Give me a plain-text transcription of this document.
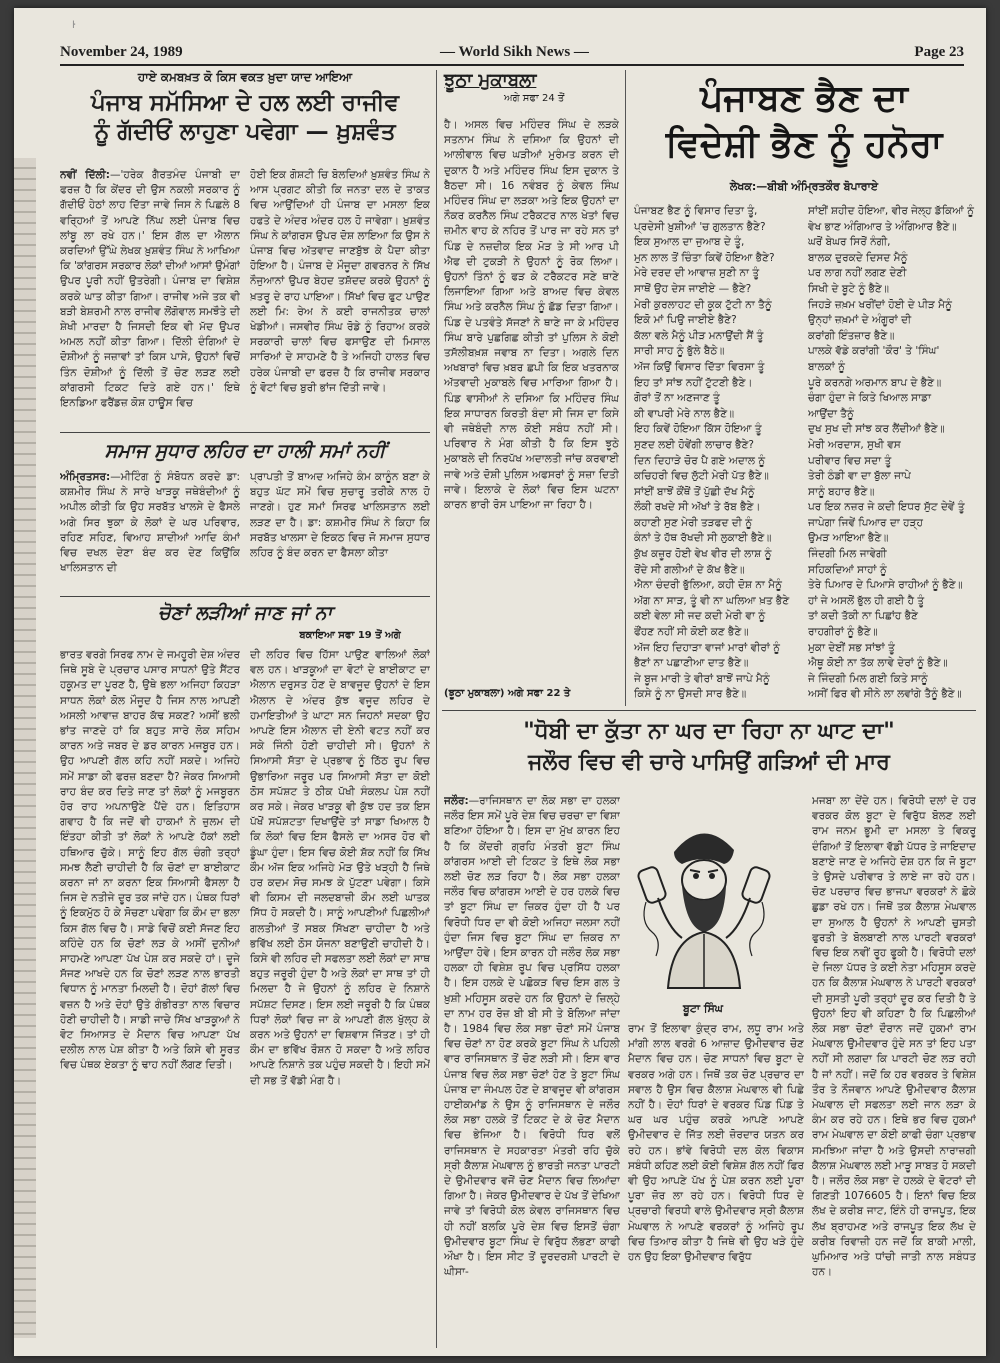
ŀ
November 24, 1989	— World Sikh News —	Page 23
ਹਾਏ ਕਮਬਖ਼ਤ ਕੋ ਕਿਸ ਵਕਤ ਖ਼ੁਦਾ ਯਾਦ ਆਇਆ
ਪੰਜਾਬ ਸਮੱਸਿਆ ਦੇ ਹਲ ਲਈ ਰਾਜੀਵ
ਨੂੰ ਗੱਦੀਓਂ ਲਾਹੁਣਾ ਪਵੇਗਾ — ਖ਼ੁਸ਼ਵੰਤ
ਨਵੀਂ ਦਿੱਲੀ:—'ਹਰੇਕ ਗੈਰਤਮੰਦ ਪੰਜਾਬੀ ਦਾ ਫਰਜ਼ ਹੈ ਕਿ ਕੇਂਦਰ ਦੀ ਉਸ ਨਕਲੀ ਸਰਕਾਰ ਨੂੰ ਗੱਦੀਓਂ ਹੇਠਾਂ ਲਾਹ ਦਿੱਤਾ ਜਾਵੇ ਜਿਸ ਨੇ ਪਿਛਲੇ 8 ਵਰ੍ਹਿਆਂ ਤੋਂ ਆਪਣੇ ਨਿੱਘ ਲਈ ਪੰਜਾਬ ਵਿਚ ਲਾਂਬੂ ਲਾ ਰਖੇ ਹਨ।' ਇਸ ਗੱਲ ਦਾ ਐਲਾਨ ਕਰਦਿਆਂ ਉੱਘੇ ਲੇਖਕ ਖ਼ੁਸ਼ਵੰਤ ਸਿੰਘ ਨੇ ਆਖਿਆ ਕਿ 'ਕਾਂਗਰਸ ਸਰਕਾਰ ਲੋਕਾਂ ਦੀਆਂ ਆਸਾਂ ਉਮੰਗਾਂ ਉਪਰ ਪੂਰੀ ਨਹੀਂ ਉਤਰੇਗੀ। ਪੰਜਾਬ ਦਾ ਵਿਸ਼ੇਸ਼ ਕਰਕੇ ਘਾਤ ਕੀਤਾ ਗਿਆ। ਰਾਜੀਵ ਅਜੇ ਤਕ ਵੀ ਬੜੀ ਬੇਸ਼ਰਮੀ ਨਾਲ ਰਾਜੀਵ ਲੋਂਗੋਵਾਲ ਸਮਝੌਤੇ ਦੀ ਸ਼ੇਖੀ ਮਾਰਦਾ ਹੈ ਜਿਸਦੀ ਇਕ ਵੀ ਮੱਦ ਉਪਰ ਅਮਲ ਨਹੀਂ ਕੀਤਾ ਗਿਆ। ਦਿੱਲੀ ਦੰਗਿਆਂ ਦੇ ਦੋਸ਼ੀਆਂ ਨੂੰ ਜਜ਼ਾਵਾਂ ਤਾਂ ਕਿਸ ਪਾਸੇ, ਉਹਨਾਂ ਵਿਚੋਂ ਤਿੰਨ ਦੋਸ਼ੀਆਂ ਨੂੰ ਦਿੱਲੀ ਤੋਂ ਚੋਣ ਲੜਣ ਲਈ ਕਾਂਗਰਸੀ ਟਿਕਟ ਦਿਤੇ ਗਏ ਹਨ।' ਇਥੇ ਇਨਡਿਆ ਫਰੈਂਡਜ਼ ਕੋਸ਼ ਹਾਊਸ ਵਿਚ
ਹੋਈ ਇਕ ਗੋਸ਼ਟੀ ਚਿ ਬੋਲਦਿਆਂ ਖ਼ੁਸ਼ਵੰਤ ਸਿੰਘ ਨੇ ਆਸ ਪ੍ਰਗਟ ਕੀਤੀ ਕਿ ਜਨਤਾ ਦਲ ਦੇ ਤਾਕਤ ਵਿਚ ਆਉਂਦਿਆਂ ਹੀ ਪੰਜਾਬ ਦਾ ਮਸਲਾ ਇਕ ਹਫਤੇ ਦੇ ਅੰਦਰ ਅੰਦਰ ਹਲ ਹੋ ਜਾਵੇਗਾ। ਖ਼ੁਸ਼ਵੰਤ ਸਿੰਘ ਨੇ ਕਾਂਗਰਸ ਉਪਰ ਦੋਸ਼ ਲਾਇਆ ਕਿ ਉਸ ਨੇ ਪੰਜਾਬ ਵਿਚ ਅੱਤਵਾਦ ਜਾਣਬੁੱਝ ਕੇ ਪੈਦਾ ਕੀਤਾ ਹੋਇਆ ਹੈ। ਪੰਜਾਬ ਦੇ ਮੌਜੂਦਾ ਗਵਰਨਰ ਨੇ ਸਿੱਖ ਨੌਜੁਆਨਾਂ ਉਪਰ ਬੇਹਦ ਤਸ਼ੱਦਦ ਕਰਕੇ ਉਹਨਾਂ ਨੂੰ ਖ਼ਤਰੂ ਦੇ ਰਾਹ ਪਾਇਆ। ਸਿੱਖਾਂ ਵਿਚ ਫੁਟ ਪਾਉਣ ਲਈ ਮਿ: ਰੇਅ ਨੇ ਕਈ ਰਾਜਨੀਤਕ ਚਾਲਾਂ ਖੇਡੀਆਂ। ਜਸਵੀਰ ਸਿੰਘ ਰੋਡੇ ਨੂੰ ਰਿਹਾਅ ਕਰਕੇ ਸਰਕਾਰੀ ਚਾਲਾਂ ਵਿਚ ਫਸਾਉਣ ਦੀ ਮਿਸਾਲ ਸਾਰਿਆਂ ਦੇ ਸਾਹਮਣੇ ਹੈ ਤੇ ਅਜਿਹੀ ਹਾਲਤ ਵਿਚ ਹਰੇਕ ਪੰਜਾਬੀ ਦਾ ਫਰਜ਼ ਹੈ ਕਿ ਰਾਜੀਵ ਸਰਕਾਰ ਨੂੰ ਵੋਟਾਂ ਵਿਚ ਬੁਰੀ ਭਾਂਜ ਦਿੱਤੀ ਜਾਵੇ।
ਸਮਾਜ ਸੁਧਾਰ ਲਹਿਰ ਦਾ ਹਾਲੀ ਸਮਾਂ ਨਹੀਂ
ਅੰਮ੍ਰਿਤਸਰ:—ਮੀਟਿੰਗ ਨੂੰ ਸੰਬੋਧਨ ਕਰਦੇ ਡਾ: ਕਸ਼ਮੀਰ ਸਿੰਘ ਨੇ ਸਾਰੇ ਖਾੜਕੂ ਜਥੇਬੰਦੀਆਂ ਨੂੰ ਅਪੀਲ ਕੀਤੀ ਕਿ ਉਹ ਸਰਬੱਤ ਖਾਲਸੇ ਦੇ ਫੈਸਲੇ ਅਗੇ ਸਿਰ ਝੁਕਾ ਕੇ ਲੋਕਾਂ ਦੇ ਘਰ ਪਰਿਵਾਰ, ਰਹਿਣ ਸਹਿਣ, ਵਿਆਹ ਸ਼ਾਦੀਆਂ ਆਦਿ ਕੰਮਾਂ ਵਿਚ ਦਖਲ ਦੇਣਾ ਬੰਦ ਕਰ ਦੇਣ ਕਿਉਂਕਿ ਖਾਲਿਸਤਾਨ ਦੀ
ਪ੍ਰਾਪਤੀ ਤੋਂ ਬਾਅਦ ਅਜਿਹੇ ਕੰਮ ਕਾਨੂੰਨ ਬਣਾ ਕੇ ਬਹੁਤ ਘੱਟ ਸਮੇਂ ਵਿਚ ਸੁਚਾਰੂ ਤਰੀਕੇ ਨਾਲ ਹੋ ਜਾਣਗੇ। ਹੁਣ ਸਮਾਂ ਸਿਰਫ ਖਾਲਿਸਤਾਨ ਲਈ ਲੜਣ ਦਾ ਹੈ। ਡਾ: ਕਸ਼ਮੀਰ ਸਿੰਘ ਨੇ ਕਿਹਾ ਕਿ ਸਰਬੱਤ ਖਾਲਸਾ ਦੇ ਇਕਠ ਵਿਚ ਜੋ ਸਮਾਜ ਸੁਧਾਰ ਲਹਿਰ ਨੂੰ ਬੰਦ ਕਰਨ ਦਾ ਫੈਸਲਾ ਕੀਤਾ
ਚੋਣਾਂ ਲੜੀਆਂ ਜਾਣ ਜਾਂ ਨਾ
ਬਕਾਇਆ ਸਫਾ 19 ਤੋਂ ਅਗੇ
ਭਾਰਤ ਵਰਗੇ ਸਿਰਫ ਨਾਮ ਦੇ ਜਮਹੂਰੀ ਦੇਸ਼ ਅੰਦਰ ਜਿਥੇ ਸੂਬੇ ਦੇ ਪ੍ਰਚਾਰ ਪਸਾਰ ਸਾਧਨਾਂ ਉਤੇ ਸੈਂਟਰ ਹਕੂਮਤ ਦਾ ਪੂਰਣ ਹੈ, ਉਥੇ ਭਲਾ ਅਜਿਹਾ ਕਿਹੜਾ ਸਾਧਨ ਲੋਕਾਂ ਕੋਲ ਮੌਜੂਦ ਹੈ ਜਿਸ ਨਾਲ ਆਪਣੀ ਅਸਲੀ ਆਵਾਜ਼ ਬਾਹਰ ਕੱਢ ਸਕਣ? ਅਸੀਂ ਭਲੀ ਭਾਂਤ ਜਾਣਦੇ ਹਾਂ ਕਿ ਬਹੁਤ ਸਾਰੇ ਲੋਕ ਸਹਿਮ ਕਾਰਨ ਅਤੇ ਜਬਰ ਦੇ ਡਰ ਕਾਰਨ ਮਜਬੂਰ ਹਨ। ਉਹ ਆਪਣੀ ਗੱਲ ਕਹਿ ਨਹੀਂ ਸਕਦੇ। ਅਜਿਹੇ ਸਮੇਂ ਸਾਡਾ ਕੀ ਫਰਜ਼ ਬਣਦਾ ਹੈ? ਜੇਕਰ ਸਿਆਸੀ ਰਾਹ ਬੰਦ ਕਰ ਦਿਤੇ ਜਾਣ ਤਾਂ ਲੋਕਾਂ ਨੂੰ ਮਜਬੂਰਨ ਹੋਰ ਰਾਹ ਅਪਨਾਉਣੇ ਪੈਂਦੇ ਹਨ। ਇਤਿਹਾਸ ਗਵਾਹ ਹੈ ਕਿ ਜਦੋਂ ਵੀ ਹਾਕਮਾਂ ਨੇ ਜ਼ੁਲਮ ਦੀ ਇੰਤਹਾ ਕੀਤੀ ਤਾਂ ਲੋਕਾਂ ਨੇ ਆਪਣੇ ਹੱਕਾਂ ਲਈ ਹਥਿਆਰ ਚੁੱਕੇ। ਸਾਨੂੰ ਇਹ ਗੱਲ ਚੰਗੀ ਤਰ੍ਹਾਂ ਸਮਝ ਲੈਣੀ ਚਾਹੀਦੀ ਹੈ ਕਿ ਚੋਣਾਂ ਦਾ ਬਾਈਕਾਟ ਕਰਨਾ ਜਾਂ ਨਾ ਕਰਨਾ ਇਕ ਸਿਆਸੀ ਫੈਸਲਾ ਹੈ ਜਿਸ ਦੇ ਨਤੀਜੇ ਦੂਰ ਤਕ ਜਾਂਦੇ ਹਨ। ਪੰਥਕ ਧਿਰਾਂ ਨੂੰ ਇਕਮੁੱਠ ਹੋ ਕੇ ਸੋਚਣਾ ਪਵੇਗਾ ਕਿ ਕੌਮ ਦਾ ਭਲਾ ਕਿਸ ਗੱਲ ਵਿਚ ਹੈ। ਸਾਡੇ ਵਿਚੋਂ ਕਈ ਸੱਜਣ ਇਹ ਕਹਿੰਦੇ ਹਨ ਕਿ ਚੋਣਾਂ ਲੜ ਕੇ ਅਸੀਂ ਦੁਨੀਆਂ ਸਾਹਮਣੇ ਆਪਣਾ ਪੱਖ ਪੇਸ਼ ਕਰ ਸਕਦੇ ਹਾਂ। ਦੂਜੇ ਸੱਜਣ ਆਖਦੇ ਹਨ ਕਿ ਚੋਣਾਂ ਲੜਣ ਨਾਲ ਭਾਰਤੀ ਵਿਧਾਨ ਨੂੰ ਮਾਨਤਾ ਮਿਲਦੀ ਹੈ। ਦੋਹਾਂ ਗੱਲਾਂ ਵਿਚ ਵਜ਼ਨ ਹੈ ਅਤੇ ਦੋਹਾਂ ਉਤੇ ਗੰਭੀਰਤਾ ਨਾਲ ਵਿਚਾਰ ਹੋਣੀ ਚਾਹੀਦੀ ਹੈ। ਸਾਡੀ ਜਾਚੇ ਸਿੱਖ ਖਾੜਕੂਆਂ ਨੇ ਵੋਟ ਸਿਆਸਤ ਦੇ ਮੈਦਾਨ ਵਿਚ ਆਪਣਾ ਪੱਖ ਦਲੀਲ ਨਾਲ ਪੇਸ਼ ਕੀਤਾ ਹੈ ਅਤੇ ਕਿਸੇ ਵੀ ਸੂਰਤ ਵਿਚ ਪੰਥਕ ਏਕਤਾ ਨੂੰ ਢਾਹ ਨਹੀਂ ਲੱਗਣ ਦਿਤੀ।
ਦੀ ਲਹਿਰ ਵਿਚ ਹਿੱਸਾ ਪਾਉਣ ਵਾਲਿਆਂ ਲੋਕਾਂ ਵਲ ਹਨ। ਖਾੜਕੂਆਂ ਦਾ ਵੋਟਾਂ ਦੇ ਬਾਈਕਾਟ ਦਾ ਐਲਾਨ ਦਰੁਸਤ ਹੋਣ ਦੇ ਬਾਵਜੂਦ ਉਹਨਾਂ ਦੇ ਇਸ ਐਲਾਨ ਦੇ ਅੰਦਰ ਕੁੱਝ ਵਜੂਦ ਲਹਿਰ ਦੇ ਹਮਾਇਤੀਆਂ ਤੇ ਘਾਟਾ ਸਨ ਜਿਹਨਾਂ ਸਦਕਾ ਉਹ ਆਪਣੇ ਇਸ ਐਲਾਨ ਦੀ ਏਨੀ ਵਟਤ ਨਹੀਂ ਕਰ ਸਕੇ ਜਿੰਨੀ ਹੋਣੀ ਚਾਹੀਦੀ ਸੀ। ਉਹਨਾਂ ਨੇ ਸਿਆਸੀ ਸੱਤਾ ਦੇ ਪ੍ਰਭਾਵ ਨੂੰ ਠਿੱਠ ਰੂਪ ਵਿਚ ਉਭਾਰਿਆ ਜਰੂਰ ਪਰ ਸਿਆਸੀ ਸੱਤਾ ਦਾ ਕੋਈ ਠੋਸ ਸਪੱਸ਼ਟ ਤੇ ਠੀਕ ਪੱਖੀ ਸੰਕਲਪ ਪੇਸ਼ ਨਹੀਂ ਕਰ ਸਕੇ। ਜੇਕਰ ਖਾੜਕੂ ਵੀ ਕੁੱਝ ਹਦ ਤਕ ਇਸ ਪੱਖੋਂ ਸਪੱਸ਼ਟਤਾ ਦਿਖਾਉਂਦੇ ਤਾਂ ਸਾਡਾ ਖਿਆਲ ਹੈ ਕਿ ਲੋਕਾਂ ਵਿਚ ਇਸ ਫੈਸਲੇ ਦਾ ਅਸਰ ਹੋਰ ਵੀ ਡੂੰਘਾ ਹੁੰਦਾ। ਇਸ ਵਿਚ ਕੋਈ ਸ਼ੱਕ ਨਹੀਂ ਕਿ ਸਿੱਖ ਕੌਮ ਅੱਜ ਇਕ ਅਜਿਹੇ ਮੋੜ ਉਤੇ ਖੜ੍ਹੀ ਹੈ ਜਿਥੇ ਹਰ ਕਦਮ ਸੋਚ ਸਮਝ ਕੇ ਪੁੱਟਣਾ ਪਵੇਗਾ। ਕਿਸੇ ਵੀ ਕਿਸਮ ਦੀ ਜਲਦਬਾਜ਼ੀ ਕੌਮ ਲਈ ਘਾਤਕ ਸਿੱਧ ਹੋ ਸਕਦੀ ਹੈ। ਸਾਨੂੰ ਆਪਣੀਆਂ ਪਿਛਲੀਆਂ ਗਲਤੀਆਂ ਤੋਂ ਸਬਕ ਸਿੱਖਣਾ ਚਾਹੀਦਾ ਹੈ ਅਤੇ ਭਵਿੱਖ ਲਈ ਠੋਸ ਯੋਜਨਾ ਬਣਾਉਣੀ ਚਾਹੀਦੀ ਹੈ। ਕਿਸੇ ਵੀ ਲਹਿਰ ਦੀ ਸਫਲਤਾ ਲਈ ਲੋਕਾਂ ਦਾ ਸਾਥ ਬਹੁਤ ਜਰੂਰੀ ਹੁੰਦਾ ਹੈ ਅਤੇ ਲੋਕਾਂ ਦਾ ਸਾਥ ਤਾਂ ਹੀ ਮਿਲਦਾ ਹੈ ਜੇ ਉਹਨਾਂ ਨੂੰ ਲਹਿਰ ਦੇ ਨਿਸ਼ਾਨੇ ਸਪੱਸ਼ਟ ਦਿਸਣ। ਇਸ ਲਈ ਜਰੂਰੀ ਹੈ ਕਿ ਪੰਥਕ ਧਿਰਾਂ ਲੋਕਾਂ ਵਿਚ ਜਾ ਕੇ ਆਪਣੀ ਗੱਲ ਖੁੱਲ੍ਹ ਕੇ ਕਰਨ ਅਤੇ ਉਹਨਾਂ ਦਾ ਵਿਸ਼ਵਾਸ ਜਿੱਤਣ। ਤਾਂ ਹੀ ਕੌਮ ਦਾ ਭਵਿੱਖ ਰੌਸ਼ਨ ਹੋ ਸਕਦਾ ਹੈ ਅਤੇ ਲਹਿਰ ਆਪਣੇ ਨਿਸ਼ਾਨੇ ਤਕ ਪਹੁੰਚ ਸਕਦੀ ਹੈ। ਇਹੀ ਸਮੇਂ ਦੀ ਸਭ ਤੋਂ ਵੱਡੀ ਮੰਗ ਹੈ।
ਝੂਠਾ ਮੁਕਾਬਲਾ
ਅਗੇ ਸਫਾ 24 ਤੋਂ
ਹੈ। ਅਸਲ ਵਿਚ ਮਹਿੰਦਰ ਸਿੰਘ ਦੇ ਲੜਕੇ ਸਤਨਾਮ ਸਿੰਘ ਨੇ ਦਸਿਆ ਕਿ ਉਹਨਾਂ ਦੀ ਆਲੀਵਾਲ ਵਿਚ ਘੜੀਆਂ ਮੁਰੰਮਤ ਕਰਨ ਦੀ ਦੁਕਾਨ ਹੈ ਅਤੇ ਮਹਿੰਦਰ ਸਿੰਘ ਇਸ ਦੁਕਾਨ ਤੇ ਬੈਠਦਾ ਸੀ। 16 ਨਵੰਬਰ ਨੂੰ ਕੇਵਲ ਸਿੰਘ ਮਹਿੰਦਰ ਸਿੰਘ ਦਾ ਲੜਕਾ ਅਤੇ ਇਕ ਉਹਨਾਂ ਦਾ ਨੌਕਰ ਕਰਨੈਲ ਸਿੰਘ ਟਰੈਕਟਰ ਨਾਲ ਖੇਤਾਂ ਵਿਚ ਜ਼ਮੀਨ ਵਾਹ ਕੇ ਨਹਿਰ ਤੋਂ ਪਾਰ ਜਾ ਰਹੇ ਸਨ ਤਾਂ ਪਿੰਡ ਦੇ ਨਜ਼ਦੀਕ ਇਕ ਮੋੜ ਤੇ ਸੀ ਆਰ ਪੀ ਐਫ ਦੀ ਟੁਕੜੀ ਨੇ ਉਹਨਾਂ ਨੂੰ ਰੋਕ ਲਿਆ। ਉਹਨਾਂ ਤਿੰਨਾਂ ਨੂੰ ਫੜ ਕੇ ਟਰੈਕਟਰ ਸਣੇ ਥਾਣੇ ਲਿਜਾਇਆ ਗਿਆ ਅਤੇ ਬਾਅਦ ਵਿਚ ਕੇਵਲ ਸਿੰਘ ਅਤੇ ਕਰਨੈਲ ਸਿੰਘ ਨੂੰ ਛੱਡ ਦਿਤਾ ਗਿਆ। ਪਿੰਡ ਦੇ ਪਤਵੰਤੇ ਸੱਜਣਾਂ ਨੇ ਥਾਣੇ ਜਾ ਕੇ ਮਹਿੰਦਰ ਸਿੰਘ ਬਾਰੇ ਪੁਛਗਿਛ ਕੀਤੀ ਤਾਂ ਪੁਲਿਸ ਨੇ ਕੋਈ ਤਸੱਲੀਬਖ਼ਸ਼ ਜਵਾਬ ਨਾ ਦਿਤਾ। ਅਗਲੇ ਦਿਨ ਅਖਬਾਰਾਂ ਵਿਚ ਖ਼ਬਰ ਛਪੀ ਕਿ ਇਕ ਖਤਰਨਾਕ ਅੱਤਵਾਦੀ ਮੁਕਾਬਲੇ ਵਿਚ ਮਾਰਿਆ ਗਿਆ ਹੈ। ਪਿੰਡ ਵਾਸੀਆਂ ਨੇ ਦਸਿਆ ਕਿ ਮਹਿੰਦਰ ਸਿੰਘ ਇਕ ਸਾਧਾਰਨ ਕਿਰਤੀ ਬੰਦਾ ਸੀ ਜਿਸ ਦਾ ਕਿਸੇ ਵੀ ਜਥੇਬੰਦੀ ਨਾਲ ਕੋਈ ਸਬੰਧ ਨਹੀਂ ਸੀ। ਪਰਿਵਾਰ ਨੇ ਮੰਗ ਕੀਤੀ ਹੈ ਕਿ ਇਸ ਝੂਠੇ ਮੁਕਾਬਲੇ ਦੀ ਨਿਰਪੱਖ ਅਦਾਲਤੀ ਜਾਂਚ ਕਰਵਾਈ ਜਾਵੇ ਅਤੇ ਦੋਸ਼ੀ ਪੁਲਿਸ ਅਫਸਰਾਂ ਨੂੰ ਸਜ਼ਾ ਦਿਤੀ ਜਾਵੇ। ਇਲਾਕੇ ਦੇ ਲੋਕਾਂ ਵਿਚ ਇਸ ਘਟਨਾ ਕਾਰਨ ਭਾਰੀ ਰੋਸ ਪਾਇਆ ਜਾ ਰਿਹਾ ਹੈ।
(ਝੂਠਾ ਮੁਕਾਬਲਾ) ਅਗੇ ਸਫਾ 22 ਤੇ
ਪੰਜਾਬਣ ਭੈਣ ਦਾ
ਵਿਦੇਸ਼ੀ ਭੈਣ ਨੂੰ ਹਨੋਰਾ
ਲੇਖਕ:—ਬੀਬੀ ਅੰਮ੍ਰਿਤਕੌਰ ਬੋਪਾਰਾਏ
ਪੰਜਾਬਣ ਭੈਣ ਨੂੰ ਵਿਸਾਰ ਦਿਤਾ ਤੂੰ,
ਪ੍ਰਦੇਸੀ ਖ਼ੁਸ਼ੀਆਂ 'ਚ ਗੁਲਤਾਨ ਭੈਣੇ?
ਇਕ ਸੁਆਲ ਦਾ ਜੁਆਬ ਦੇ ਤੂੰ,
ਮੁਨ ਲਾਲ ਤੋਂ ਚਿੰਤਾ ਕਿਵੇਂ ਹੋਇਆ ਭੈਣੇ?
ਮੇਰੇ ਦਰਦ ਦੀ ਆਵਾਜ਼ ਸੁਣੀ ਨਾ ਤੂੰ
ਸਾਥੋਂ ਉਹ ਦੇਸ ਜਾਈਏ — ਭੈਣੇ?
ਮੇਰੀ ਕੁਰਲਾਹਟ ਦੀ ਕੂਕ ਟੁੱਟੀ ਨਾ ਤੈਨੂੰ
ਇਕੋ ਮਾਂ ਪਿਉ ਜਾਈਏ ਭੈਣੇ?
ਕੱਲਾ ਵਲੇ ਮੈਨੂੰ ਪੀੜ ਮਨਾਉਂਦੀ ਸੈਂ ਤੂੰ
ਸਾਰੀ ਸਾਹ ਨੂੰ ਭੁੱਲੇ ਬੈਠੇ॥
ਅੱਜ ਕਿਉਂ ਵਿਸਾਰ ਦਿੱਤਾ ਵਿਰਸਾ ਤੂੰ
ਇਹ ਤਾਂ ਸਾਂਝ ਨਹੀਂ ਟੁੱਟਣੀ ਭੈਣੇ।
ਗੋਰਾਂ ਤੋਂ ਨਾ ਅਣਜਾਣ ਤੂੰ
ਕੀ ਵਾਪਰੀ ਮੇਰੇ ਨਾਲ ਭੈਣੇ॥
ਇਹ ਕਿਵੇਂ ਹੋਇਆ ਕਿੱਸ ਹੋਇਆ ਤੂੰ
ਸੁਣਦ ਲਈ ਹੋਵੇਂਗੀ ਲਾਚਾਰ ਭੈਣੇ?
ਦਿਨ ਦਿਹਾੜੇ ਚੋਰ ਪੈ ਗਏ ਅਦਾਲ ਨੂੰ
ਕਚਿਹਰੀ ਵਿਚ ਲੁੱਟੀ ਮੇਰੀ ਪੱਤ ਭੈਣੇ॥
ਸਾਂਈਂ ਬਾਝੋਂ ਕੌਂਥੋਂ ਤੋਂ ਪੁੱਛੀ ਦੱਖ ਮੈਨੂੰ
ਲੌਕੀ ਰਖਦੇ ਸੀ ਅੱਖਾਂ ਤੇ ਰੱਬ ਭੈਣੇ।
ਕਹਾਣੀ ਸੁਣ ਮੇਰੀ ਤੜਫਦ ਦੀ ਨੂੰ
ਕੰਨਾਂ ਤੇ ਹੱਥ ਰੱਖਦੀ ਸੀ ਲੁਕਾਈ ਭੈਣੇ॥
ਕੁੱਖ ਕਜ਼ੂਰ ਹੋਈ ਵੇਖ ਵੀਰ ਦੀ ਲਾਸ਼ ਨੂੰ
ਰੋਂਦੇ ਸੀ ਗਲੀਆਂ ਦੇ ਕੱਖ ਭੈਣੇ॥
ਐਨਾ ਚੰਦਰੀ ਭੁੱਲਿਆ, ਕਹੀ ਦੋਸ਼ ਨਾ ਮੈਨੂੰ
ਅੱਗ ਨਾ ਸਾੜ, ਤੂੰ ਵੀ ਨਾ ਘਲਿਆ ਖ਼ਤ ਭੈਣੇ
ਕਈ ਵੇਲਾ ਸੀ ਜਦ ਕਦੀ ਮੇਰੀ ਵਾ ਨੂੰ
ਫੌਂਹਣ ਨਹੀਂ ਸੀ ਕੋਈ ਕਣ ਭੈਣੇ॥
ਅੱਜ ਇਹ ਦਿਹਾੜਾ ਵਾਜਾਂ ਮਾਰਾਂ ਵੀਰਾਂ ਨੂੰ
ਭੈਣਾਂ ਨਾ ਪਛਾਣੀਆ ਦਾਤ ਭੈਣੇ॥
ਜੇ ਬੂਜ ਮਾਰੀ ਤੇ ਵੀਰਾਂ ਬਾਝੋਂ ਜਾਪੇ ਮੈਨੂੰ
ਕਿਸੇ ਨੂੰ ਨਾ ਉਸਦੀ ਸਾਰ ਭੈਣੇ॥
ਸਾਂਈਂ ਸ਼ਹੀਦ ਹੋਇਆ, ਵੀਰ ਜੇਲ੍ਹ ਡੱਕਿਆਂ ਨੂੰ
ਵੇਖ ਭਾਣ ਅੰਗਿਆਰ ਤੇ ਅੰਗਿਆਰ ਭੈਣੇ॥
ਘਰੋਂ ਬੇਘਰ ਸਿਰੋਂ ਨੰਗੀ,
ਬਾਲਕ ਦੁਰਕਦੇ ਦਿਸਦ ਮੈਨੂੰ
ਪਰ ਲਾਗ ਨਹੀਂ ਲਗਣ ਦੇਣੀ
ਸਿਖੀ ਦੇ ਬੂਟੇ ਨੂੰ ਭੈਣੇ॥
ਜਿਹੜੇ ਜ਼ਖ਼ਮ ਖਰੀਂਦਾਂ ਹੋਈ ਦੇ ਪੀੜ ਮੈਨੂੰ
ਉਨ੍ਹਾਂ ਜ਼ਖ਼ਮਾਂ ਦੇ ਅੰਗੂਰਾਂ ਦੀ
ਕਰਾਂਗੀ ਇੰਤਜ਼ਾਰ ਭੈਣੇ॥
ਪਾਲਕੇ ਵੱਡੇ ਕਰਾਂਗੀ 'ਕੌਰ' ਤੇ 'ਸਿੰਘ'
ਬਾਲਕਾਂ ਨੂੰ
ਪੂਰੇ ਕਰਨਗੇ ਅਰਮਾਨ ਬਾਪ ਦੇ ਭੈਣੇ॥
ਚੰਗਾ ਹੁੰਦਾ ਜੇ ਕਿਤੇ ਖਿਆਲ ਸਾਡਾ
ਆਉਂਦਾ ਤੈਨੂੰ
ਦੁਖ ਸੁਖ ਦੀ ਸਾਂਝ ਕਰ ਲੈਂਦੀਆਂ ਭੈਣੇ॥
ਮੇਰੀ ਅਰਦਾਸ, ਸੁਖੀ ਵਸ
ਪਰੀਵਾਰ ਵਿਚ ਸਦਾ ਤੂੰ
ਤੇਰੀ ਠੰਡੀ ਵਾ ਦਾ ਬੁੱਲਾ ਜਾਪੇ
ਸਾਨੂੰ ਬਹਾਰ ਭੈਣੇ॥
ਪਰ ਇਕ ਨਜ਼ਰ ਜੇ ਕਦੀ ਇਧਰ ਸੁੱਟ ਦੇਵੇਂ ਤੂੰ
ਜਾਪੇਗਾ ਜਿਵੇਂ ਪਿਆਰ ਦਾ ਹੜ੍ਹ
ਉਮੜ ਆਇਆ ਭੈਣੇ॥
ਜਿੰਦਗੀ ਮਿਲ ਜਾਵੇਗੀ
ਸਹਿਕਦਿਆਂ ਸਾਹਾਂ ਨੂੰ
ਤੇਰੇ ਪਿਆਰ ਦੇ ਪਿਆਸੇ ਰਾਹੀਆਂ ਨੂੰ ਭੈਣੇ॥
ਹਾਂ ਜੇ ਅਸਲੋਂ ਭੁੱਲ ਹੀ ਗਈ ਹੈ ਤੂੰ
ਤਾਂ ਕਦੀ ਤੱਕੀ ਨਾ ਪਿਛਾਂਹ ਭੈਣੇ
ਰਾਹਗੀਰਾਂ ਨੂੰ ਭੈਣੇ॥
ਮੁਕਾ ਦੇਈਂ ਸਭ ਸਾਂਝਾਂ ਤੂੰ
ਐਥੂ ਕੋਈ ਨਾ ਤੱਕ ਲਾਵੇ ਦੇਰਾਂ ਨੂੰ ਭੈਣੇ॥
ਜੇ ਜਿੰਦਗੀ ਮਿਲ ਗਈ ਕਿਤੇ ਸਾਨੂੰ
ਅਸੀਂ ਫਿਰ ਵੀ ਸੀਨੇ ਲਾ ਲਵਾਂਗੇ ਤੈਨੂੰ ਭੈਣੇ॥
"ਧੋਬੀ ਦਾ ਕੁੱਤਾ ਨਾ ਘਰ ਦਾ ਰਿਹਾ ਨਾ ਘਾਟ ਦਾ"
ਜਲੌਰ ਵਿਚ ਵੀ ਚਾਰੇ ਪਾਸਿਉਂ ਗੜਿਆਂ ਦੀ ਮਾਰ
ਜਲੌਰ:—ਰਾਜਿਸਥਾਨ ਦਾ ਲੋਕ ਸਭਾ ਦਾ ਹਲਕਾ ਜਲੌਰ ਇਸ ਸਮੇਂ ਪੂਰੇ ਦੇਸ਼ ਵਿਚ ਚਰਚਾ ਦਾ ਵਿਸ਼ਾ ਬਣਿਆ ਹੋਇਆ ਹੈ। ਇਸ ਦਾ ਮੁੱਖ ਕਾਰਨ ਇਹ ਹੈ ਕਿ ਕੇਂਦਰੀ ਗ੍ਰਹਿ ਮੰਤਰੀ ਬੂਟਾ ਸਿੰਘ ਕਾਂਗਰਸ ਆਈ ਦੀ ਟਿਕਟ ਤੇ ਇਥੇ ਲੋਕ ਸਭਾ ਲਈ ਚੋਣ ਲੜ ਰਿਹਾ ਹੈ। ਲੋਕ ਸਭਾ ਹਲਕਾ ਜਲੌਰ ਵਿਚ ਕਾਂਗਰਸ ਆਈ ਦੇ ਹਰ ਹਲਕੇ ਵਿਚ ਤਾਂ ਬੂਟਾ ਸਿੰਘ ਦਾ ਜ਼ਿਕਰ ਹੁੰਦਾ ਹੀ ਹੈ ਪਰ ਵਿਰੋਧੀ ਧਿਰ ਦਾ ਵੀ ਕੋਈ ਅਜਿਹਾ ਜਲਸਾ ਨਹੀਂ ਹੁੰਦਾ ਜਿਸ ਵਿਚ ਬੂਟਾ ਸਿੰਘ ਦਾ ਜ਼ਿਕਰ ਨਾ ਆਉਂਦਾ ਹੋਵੇ। ਇਸ ਕਾਰਨ ਹੀ ਜਲੌਰ ਲੋਕ ਸਭਾ ਹਲਕਾ ਹੀ ਵਿਸ਼ੇਸ਼ ਰੂਪ ਵਿਚ ਪ੍ਰਸਿੱਧ ਹਲਕਾ ਹੈ। ਇਸ ਹਲਕੇ ਦੇ ਪਛੋਕੜ ਵਿਚ ਇਸ ਗਲ ਤੇ ਖ਼ੁਸ਼ੀ ਮਹਿਸੂਸ ਕਰਦੇ ਹਨ ਕਿ ਉਹਨਾਂ ਦੇ ਜ਼ਿਲ੍ਹੇ ਦਾ ਨਾਮ ਹਰ ਰੋਜ਼ ਬੀ ਬੀ ਸੀ ਤੇ ਬੋਲਿਆ ਜਾਂਦਾ ਹੈ। 1984 ਵਿਚ ਲੋਕ ਸਭਾ ਚੋਣਾਂ ਸਮੇਂ ਪੰਜਾਬ ਵਿਚ ਚੋਣਾਂ ਨਾ ਹੋਣ ਕਰਕੇ ਬੂਟਾ ਸਿੰਘ ਨੇ ਪਹਿਲੀ ਵਾਰ ਰਾਜਿਸਥਾਨ ਤੋਂ ਚੋਣ ਲੜੀ ਸੀ। ਇਸ ਵਾਰ ਪੰਜਾਬ ਵਿਚ ਲੋਕ ਸਭਾ ਚੋਣਾਂ ਹੋਣ ਤੇ ਬੂਟਾ ਸਿੰਘ ਪੰਜਾਬ ਦਾ ਜੰਮਪਲ ਹੋਣ ਦੇ ਬਾਵਜੂਦ ਵੀ ਕਾਂਗਰਸ ਹਾਈਕਮਾਂਡ ਨੇ ਉਸ ਨੂੰ ਰਾਜਿਸਥਾਨ ਦੇ ਜਲੌਰ ਲੋਕ ਸਭਾ ਹਲਕੇ ਤੋਂ ਟਿਕਟ ਦੇ ਕੇ ਚੋਣ ਮੈਦਾਨ ਵਿਚ ਭੇਜਿਆ ਹੈ। ਵਿਰੋਧੀ ਧਿਰ ਵਲੋਂ ਰਾਜਿਸਥਾਨ ਦੇ ਸਹਕਾਰਤਾ ਮੰਤਰੀ ਰਹਿ ਚੁੱਕੇ ਸ੍ਰੀ ਕੈਲਾਸ਼ ਮੇਘਵਾਲ ਨੂੰ ਭਾਰਤੀ ਜਨਤਾ ਪਾਰਟੀ ਦੇ ਉਮੀਦਵਾਰ ਵਜੋਂ ਚੋਣ ਮੈਦਾਨ ਵਿਚ ਲਿਆਂਦਾ ਗਿਆ ਹੈ। ਜੇਕਰ ਉਮੀਦਵਾਰ ਦੇ ਪੱਖ ਤੋਂ ਦੇਖਿਆ ਜਾਵੇ ਤਾਂ ਵਿਰੋਧੀ ਕੋਲ ਕੇਵਲ ਰਾਜਿਸਥਾਨ ਵਿਚ ਹੀ ਨਹੀਂ ਬਲਕਿ ਪੂਰੇ ਦੇਸ਼ ਵਿਚ ਇਸਤੋਂ ਚੰਗਾ ਉਮੀਦਵਾਰ ਬੂਟਾ ਸਿੰਘ ਦੇ ਵਿਰੁੱਧ ਲੱਭਣਾ ਕਾਫੀ ਔਖਾ ਹੈ। ਇਸ ਸੀਟ ਤੋਂ ਦੂਰਦਰਸ਼ੀ ਪਾਰਟੀ ਦੇ ਘੀਸਾ-
ਬੂਟਾ ਸਿੰਘ
ਰਾਮ ਤੋਂ ਇਲਾਵਾ ਕੁੰਦ੍ਰ ਰਾਮ, ਲਧੂ ਰਾਮ ਅਤੇ ਮਾਂਗੀ ਲਾਲ ਵਰਗੇ 6 ਆਜ਼ਾਦ ਉਮੀਦਵਾਰ ਚੋਣ ਮੈਦਾਨ ਵਿਚ ਹਨ। ਚੋਣ ਸਾਧਨਾਂ ਵਿਚ ਬੂਟਾ ਦੇ ਵਰਕਰ ਅਗੇ ਹਨ। ਜਿਥੋਂ ਤਕ ਚੋਣ ਪ੍ਰਚਾਰ ਦਾ ਸਵਾਲ ਹੈ ਉਸ ਵਿਚ ਕੈਲਾਸ਼ ਮੇਘਵਾਲ ਵੀ ਪਿਛੇ ਨਹੀਂ ਹੈ। ਦੋਹਾਂ ਧਿਰਾਂ ਦੇ ਵਰਕਰ ਪਿੰਡ ਪਿੰਡ ਤੇ ਘਰ ਘਰ ਪਹੁੰਚ ਕਰਕੇ ਆਪਣੇ ਆਪਣੇ ਉਮੀਦਵਾਰ ਦੇ ਜਿੱਤ ਲਈ ਜ਼ੋਰਦਾਰ ਯਤਨ ਕਰ ਰਹੇ ਹਨ। ਭਾਂਵੇ ਵਿਰੋਧੀ ਦਲ ਕੋਲ ਵਿਕਾਸ ਸਬੰਧੀ ਕਹਿਣ ਲਈ ਕੋਈ ਵਿਸ਼ੇਸ਼ ਗੱਲ ਨਹੀਂ ਫਿਰ ਵੀ ਉਹ ਆਪਣੇ ਪੱਖ ਨੂੰ ਪੇਸ਼ ਕਰਨ ਲਈ ਪੂਰਾ ਪੂਰਾ ਜ਼ੋਰ ਲਾ ਰਹੇ ਹਨ। ਵਿਰੋਧੀ ਧਿਰ ਦੇ ਪ੍ਰਚਾਰੀ ਵਿਰਧੀ ਵਾਲੇ ਉਮੀਦਵਾਰ ਸ੍ਰੀ ਕੈਲਾਸ਼ ਮੇਘਵਾਲ ਨੇ ਆਪਣੇ ਵਰਕਰਾਂ ਨੂੰ ਅਜਿਹੇ ਰੂਪ ਵਿਚ ਤਿਆਰ ਕੀਤਾ ਹੈ ਜਿਥੇ ਵੀ ਉਹ ਖੜੇ ਹੁੰਦੇ ਹਨ ਉਹ ਇਕਾ ਉਮੀਦਵਾਰ ਵਿਰੁੱਧ
ਮਜਬਾ ਲਾ ਦੇਂਦੇ ਹਨ। ਵਿਰੋਧੀ ਦਲਾਂ ਦੇ ਹਰ ਵਰਕਰ ਕੋਲ ਬੂਟਾ ਦੇ ਵਿਰੁੱਧ ਬੋਲਣ ਲਈ ਰਾਮ ਜਨਮ ਭੂਮੀ ਦਾ ਮਸਲਾ ਤੇ ਵਿਕਰੂ ਦੰਗਿਆਂ ਤੋਂ ਇਲਾਵਾ ਵੱਡੀ ਪੱਧਰ ਤੇ ਜਾਇਦਾਦ ਬਣਾਏ ਜਾਣ ਦੇ ਅਜਿਹੇ ਦੋਸ਼ ਹਨ ਕਿ ਜੋ ਬੂਟਾ ਤੇ ਉਸਦੇ ਪਰੀਵਾਰ ਤੇ ਲਾਏ ਜਾ ਰਹੇ ਹਨ। ਚੋਣ ਪਰਚਾਰ ਵਿਚ ਭਾਜਪਾ ਵਰਕਰਾਂ ਨੇ ਛੋਕੇ ਛੁਡਾ ਰਖੇ ਹਨ। ਜਿਥੋਂ ਤਕ ਕੈਲਾਸ਼ ਮੇਘਵਾਲ ਦਾ ਸੁਆਲ ਹੈ ਉਹਨਾਂ ਨੇ ਆਪਣੀ ਚੁਸਤੀ ਫੁਰਤੀ ਤੇ ਬੋਲਬਾਣੀ ਨਾਲ ਪਾਰਟੀ ਵਰਕਰਾਂ ਵਿਚ ਇਕ ਨਵੀਂ ਰੂਹ ਫੂਕੀ ਹੈ। ਵਿਰੋਧੀ ਦਲਾਂ ਦੇ ਜਿਲਾ ਪੱਧਰ ਤੇ ਕਈ ਨੇਤਾ ਮਹਿਸੂਸ ਕਰਦੇ ਹਨ ਕਿ ਕੈਲਾਸ਼ ਮੇਘਵਾਲ ਨੇ ਪਾਰਟੀ ਵਰਕਰਾਂ ਦੀ ਸੁਸਤੀ ਪੂਰੀ ਤਰ੍ਹਾਂ ਦੂਰ ਕਰ ਦਿਤੀ ਹੈ ਤੇ ਉਹਨਾਂ ਇਹ ਵੀ ਕਹਿਣਾ ਹੈ ਕਿ ਪਿਛਲੀਆਂ ਲੋਕ ਸਭਾ ਚੋਣਾਂ ਦੌਰਾਨ ਜਦੋਂ ਹੁਕਮਾਂ ਰਾਮ ਮੇਘਵਾਲ ਉਮੀਦਵਾਰ ਹੁੰਦੇ ਸਨ ਤਾਂ ਇਹ ਪਤਾ ਨਹੀਂ ਸੀ ਲਗਦਾ ਕਿ ਪਾਰਟੀ ਚੋਣ ਲੜ ਰਹੀ ਹੈ ਜਾਂ ਨਹੀਂ। ਜਦੋਂ ਕਿ ਹਰ ਵਰਕਰ ਤੇ ਵਿਸ਼ੇਸ਼ ਤੌਰ ਤੇ ਨੌਜਵਾਨ ਆਪਣੇ ਉਮੀਦਵਾਰ ਕੈਲਾਸ਼ ਮੇਘਵਾਲ ਦੀ ਸਫਲਤਾ ਲਈ ਜਾਨ ਲੜਾ ਕੇ ਕੰਮ ਕਰ ਰਹੇ ਹਨ। ਇਥੇ ਭਰ ਵਿਚ ਹੁਕਮਾਂ ਰਾਮ ਮੇਘਵਾਲ ਦਾ ਕੋਈ ਕਾਫੀ ਚੰਗਾ ਪ੍ਰਭਾਵ ਸਮਝਿਆ ਜਾਂਦਾ ਹੈ ਅਤੇ ਉਸਦੀ ਨਾਰਾਜ਼ਗੀ ਕੈਲਾਸ਼ ਮੇਘਵਾਲ ਲਈ ਮਾੜੂ ਸਾਬਤ ਹੋ ਸਕਦੀ ਹੈ। ਜਲੌਰ ਲੋਕ ਸਭਾ ਦੇ ਹਲਕੇ ਦੇ ਵੋਟਰਾਂ ਦੀ ਗਿਣਤੀ 1076605 ਹੈ। ਇਨਾਂ ਵਿਚ ਇਕ ਲੱਖ ਦੇ ਕਰੀਬ ਜਾਟ, ਇੰਨੇ ਹੀ ਰਾਜਪੂਤ, ਇਕ ਲੱਖ ਬ੍ਰਾਹਮਣ ਅਤੇ ਰਾਜਪੂਤ ਇਕ ਲੱਖ ਦੇ ਕਰੀਬ ਰਿਵਾਜ਼ੀ ਹਨ ਜਦੋਂ ਕਿ ਬਾਕੀ ਮਾਲੀ, ਘੁਮਿਆਰ ਅਤੇ ਧਾਂਚੀ ਜਾਤੀ ਨਾਲ ਸਬੰਧਤ ਹਨ।
